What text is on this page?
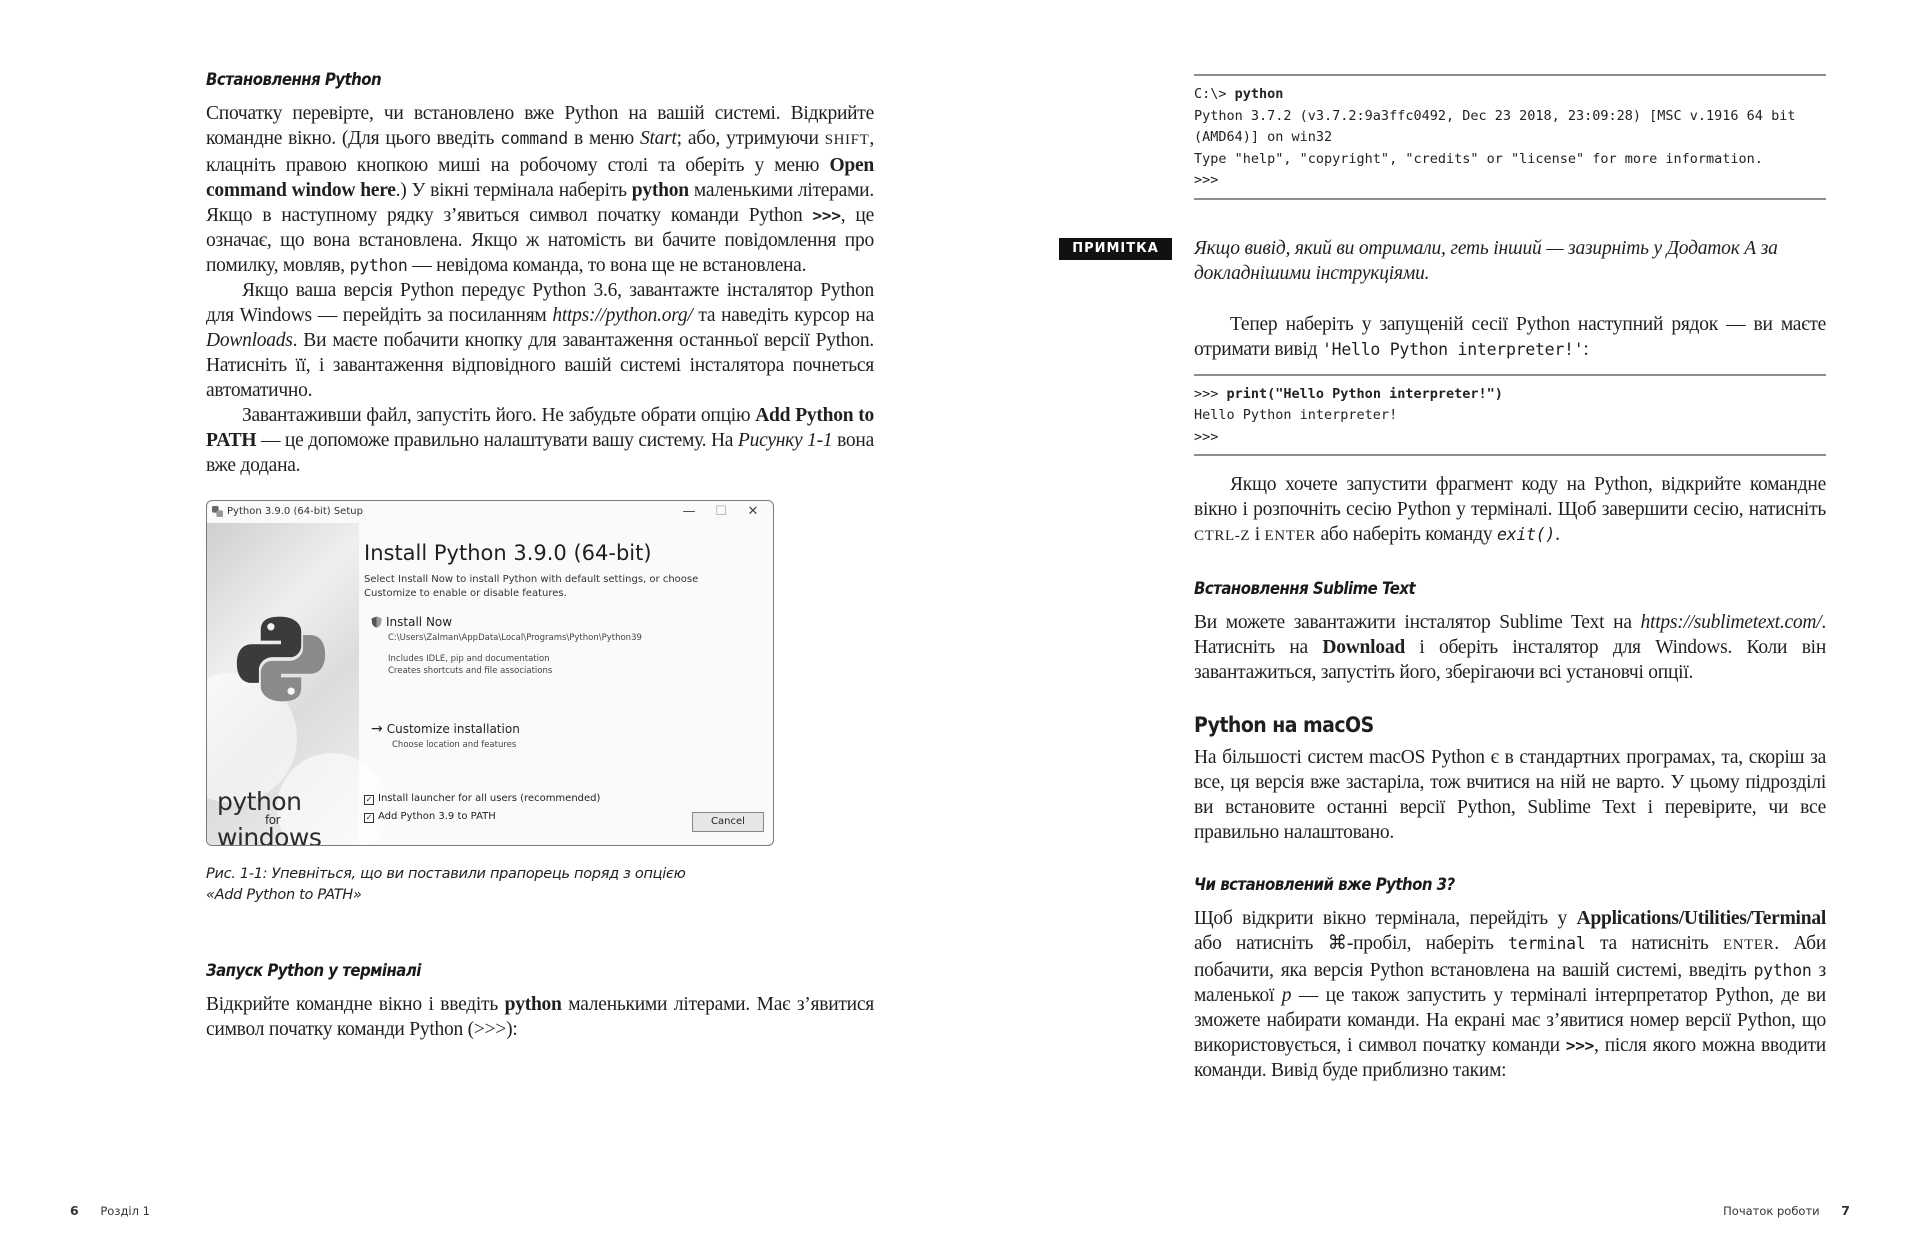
Встановлення Python

Спочатку перевірте, чи встановлено вже Python на вашій системі. Відкрийте командне вікно. (Для цього введіть command в меню Start; або, утримуючи SHIFT, клацніть правою кнопкою миші на робочому столі та оберіть у меню Open command window here.) У вікні термінала наберіть python маленькими літерами. Якщо в наступному рядку з’явиться символ початку команди Python >>>, це означає, що вона встановлена. Якщо ж натомість ви бачите повідомлення про помилку, мовляв, python — невідома команда, то вона ще не встановлена.

Якщо ваша версія Python передує Python 3.6, завантажте інсталятор Python для Windows — перейдіть за посиланням https://python.org/ та наведіть курсор на Downloads. Ви маєте побачити кнопку для завантаження останньої версії Python. Натисніть її, і завантаження відповідного вашій системі інсталятора почнеться автоматично.

Завантаживши файл, запустіть його. Не забудьте обрати опцію Add Python to PATH — це допоможе правильно налаштувати вашу систему. На Рисунку 1-1 вона вже додана.

Python 3.9.0 (64-bit) Setup	—	☐	✕
python
for
windows
Install Python 3.9.0 (64-bit)
Select Install Now to install Python with default settings, or choose Customize to enable or disable features.
Install Now
C:\Users\Zalman\AppData\Local\Programs\Python\Python39
Includes IDLE, pip and documentation
Creates shortcuts and file associations
→ Customize installation
Choose location and features
✓ Install launcher for all users (recommended)
✓ Add Python 3.9 to PATH	Cancel
Рис. 1-1: Упевніться, що ви поставили прапорець поряд з опцією
«Add Python to PATH»
Запуск Python у терміналі

Відкрийте командне вікно і введіть python маленькими літерами. Має з’явитися символ початку команди Python (>>>):

6 Розділ 1
C:\> python
Python 3.7.2 (v3.7.2:9a3ffc0492, Dec 23 2018, 23:09:28) [MSC v.1916 64 bit
(AMD64)] on win32
Type "help", "copyright", "credits" or "license" for more information.
>>>
ПРИМІТКА	Якщо вивід, який ви отримали, геть інший — зазирніть у Додаток А за докладнішими інструкціями.

Тепер наберіть у запущеній сесії Python наступний рядок — ви маєте отримати вивід 'Hello Python interpreter!':

>>> print("Hello Python interpreter!")
Hello Python interpreter!
>>>

Якщо хочете запустити фрагмент коду на Python, відкрийте командне вікно і розпочніть сесію Python у терміналі. Щоб завершити сесію, натисніть CTRL-Z і ENTER або наберіть команду exit().

Встановлення Sublime Text

Ви можете завантажити інсталятор Sublime Text на https://sublimetext.com/. Натисніть на Download і оберіть інсталятор для Windows. Коли він завантажиться, запустіть його, зберігаючи всі установчі опції.

Python на macOS

На більшості систем macOS Python є в стандартних програмах, та, скоріш за все, ця версія вже застаріла, тож вчитися на ній не варто. У цьому підрозділі ви встановите останні версії Python, Sublime Text і перевірите, чи все правильно налаштовано.

Чи встановлений вже Python 3?

Щоб відкрити вікно термінала, перейдіть у Applications/Utilities/Terminal або натисніть ⌘-пробіл, наберіть terminal та натисніть ENTER. Аби побачити, яка версія Python встановлена на вашій системі, введіть python з маленької p — це також запустить у терміналі інтерпретатор Python, де ви зможете набирати команди. На екрані має з’явитися номер версії Python, що використовується, і символ початку команди >>>, після якого можна вводити команди. Вивід буде приблизно таким:

Початок роботи 7
